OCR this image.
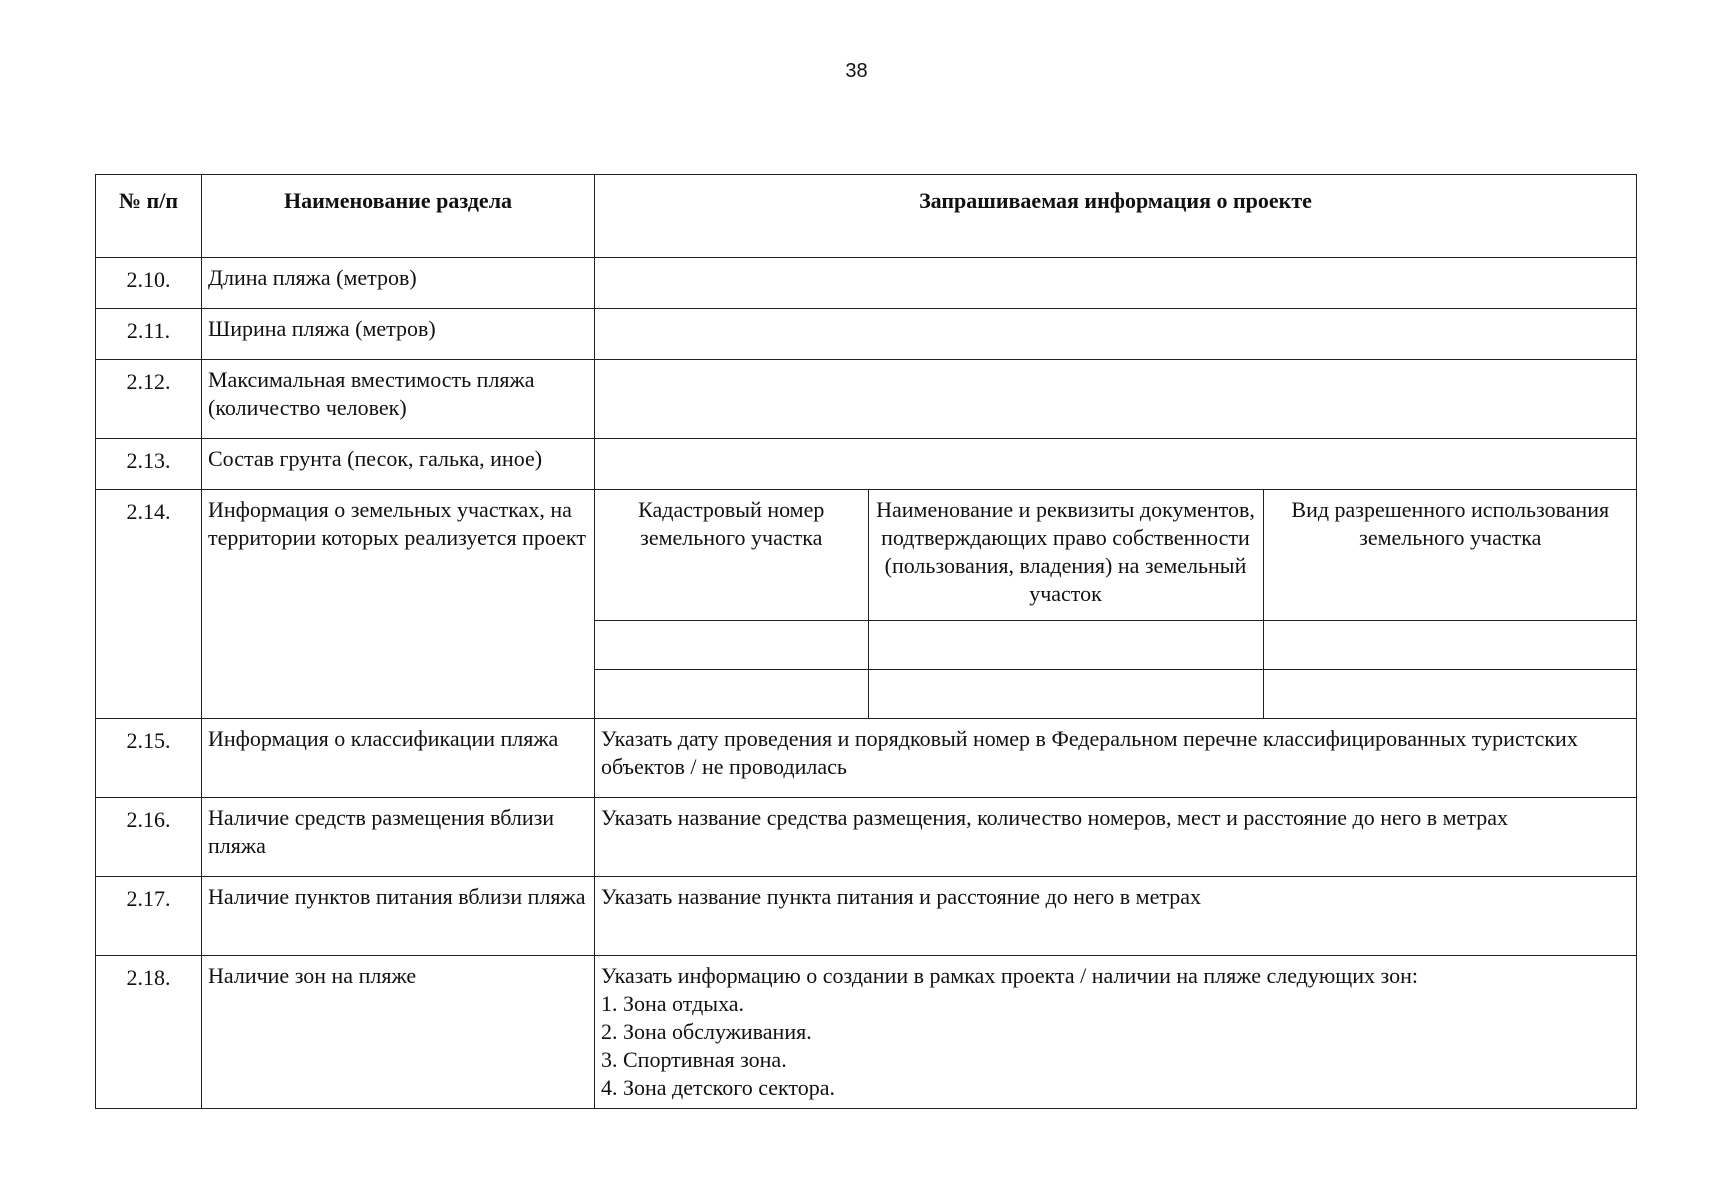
38
№ п/п	Наименование раздела	Запрашиваемая информация о проекте
2.10.	Длина пляжа (метров)	
2.11.	Ширина пляжа (метров)	
2.12.	Максимальная вместимость пляжа (количество человек)	
2.13.	Состав грунта (песок, галька, иное)	
2.14.	Информация о земельных участках, на территории которых реализуется проект	
Кадастровый номер земельного участка	Наименование и реквизиты документов, подтверждающих право собственности (пользования, владения) на земельный участок	Вид разрешенного использования земельного участка

2.15.	Информация о классификации пляжа	Указать дату проведения и порядковый номер в Федеральном перечне классифицированных туристских объектов / не проводилась
2.16.	Наличие средств размещения вблизи пляжа	Указать название средства размещения, количество номеров, мест и расстояние до него в метрах
2.17.	Наличие пунктов питания вблизи пляжа	Указать название пункта питания и расстояние до него в метрах
2.18.	Наличие зон на пляже	Указать информацию о создании в рамках проекта / наличии на пляже следующих зон:
1. Зона отдыха.
2. Зона обслуживания.
3. Спортивная зона.
4. Зона детского сектора.
